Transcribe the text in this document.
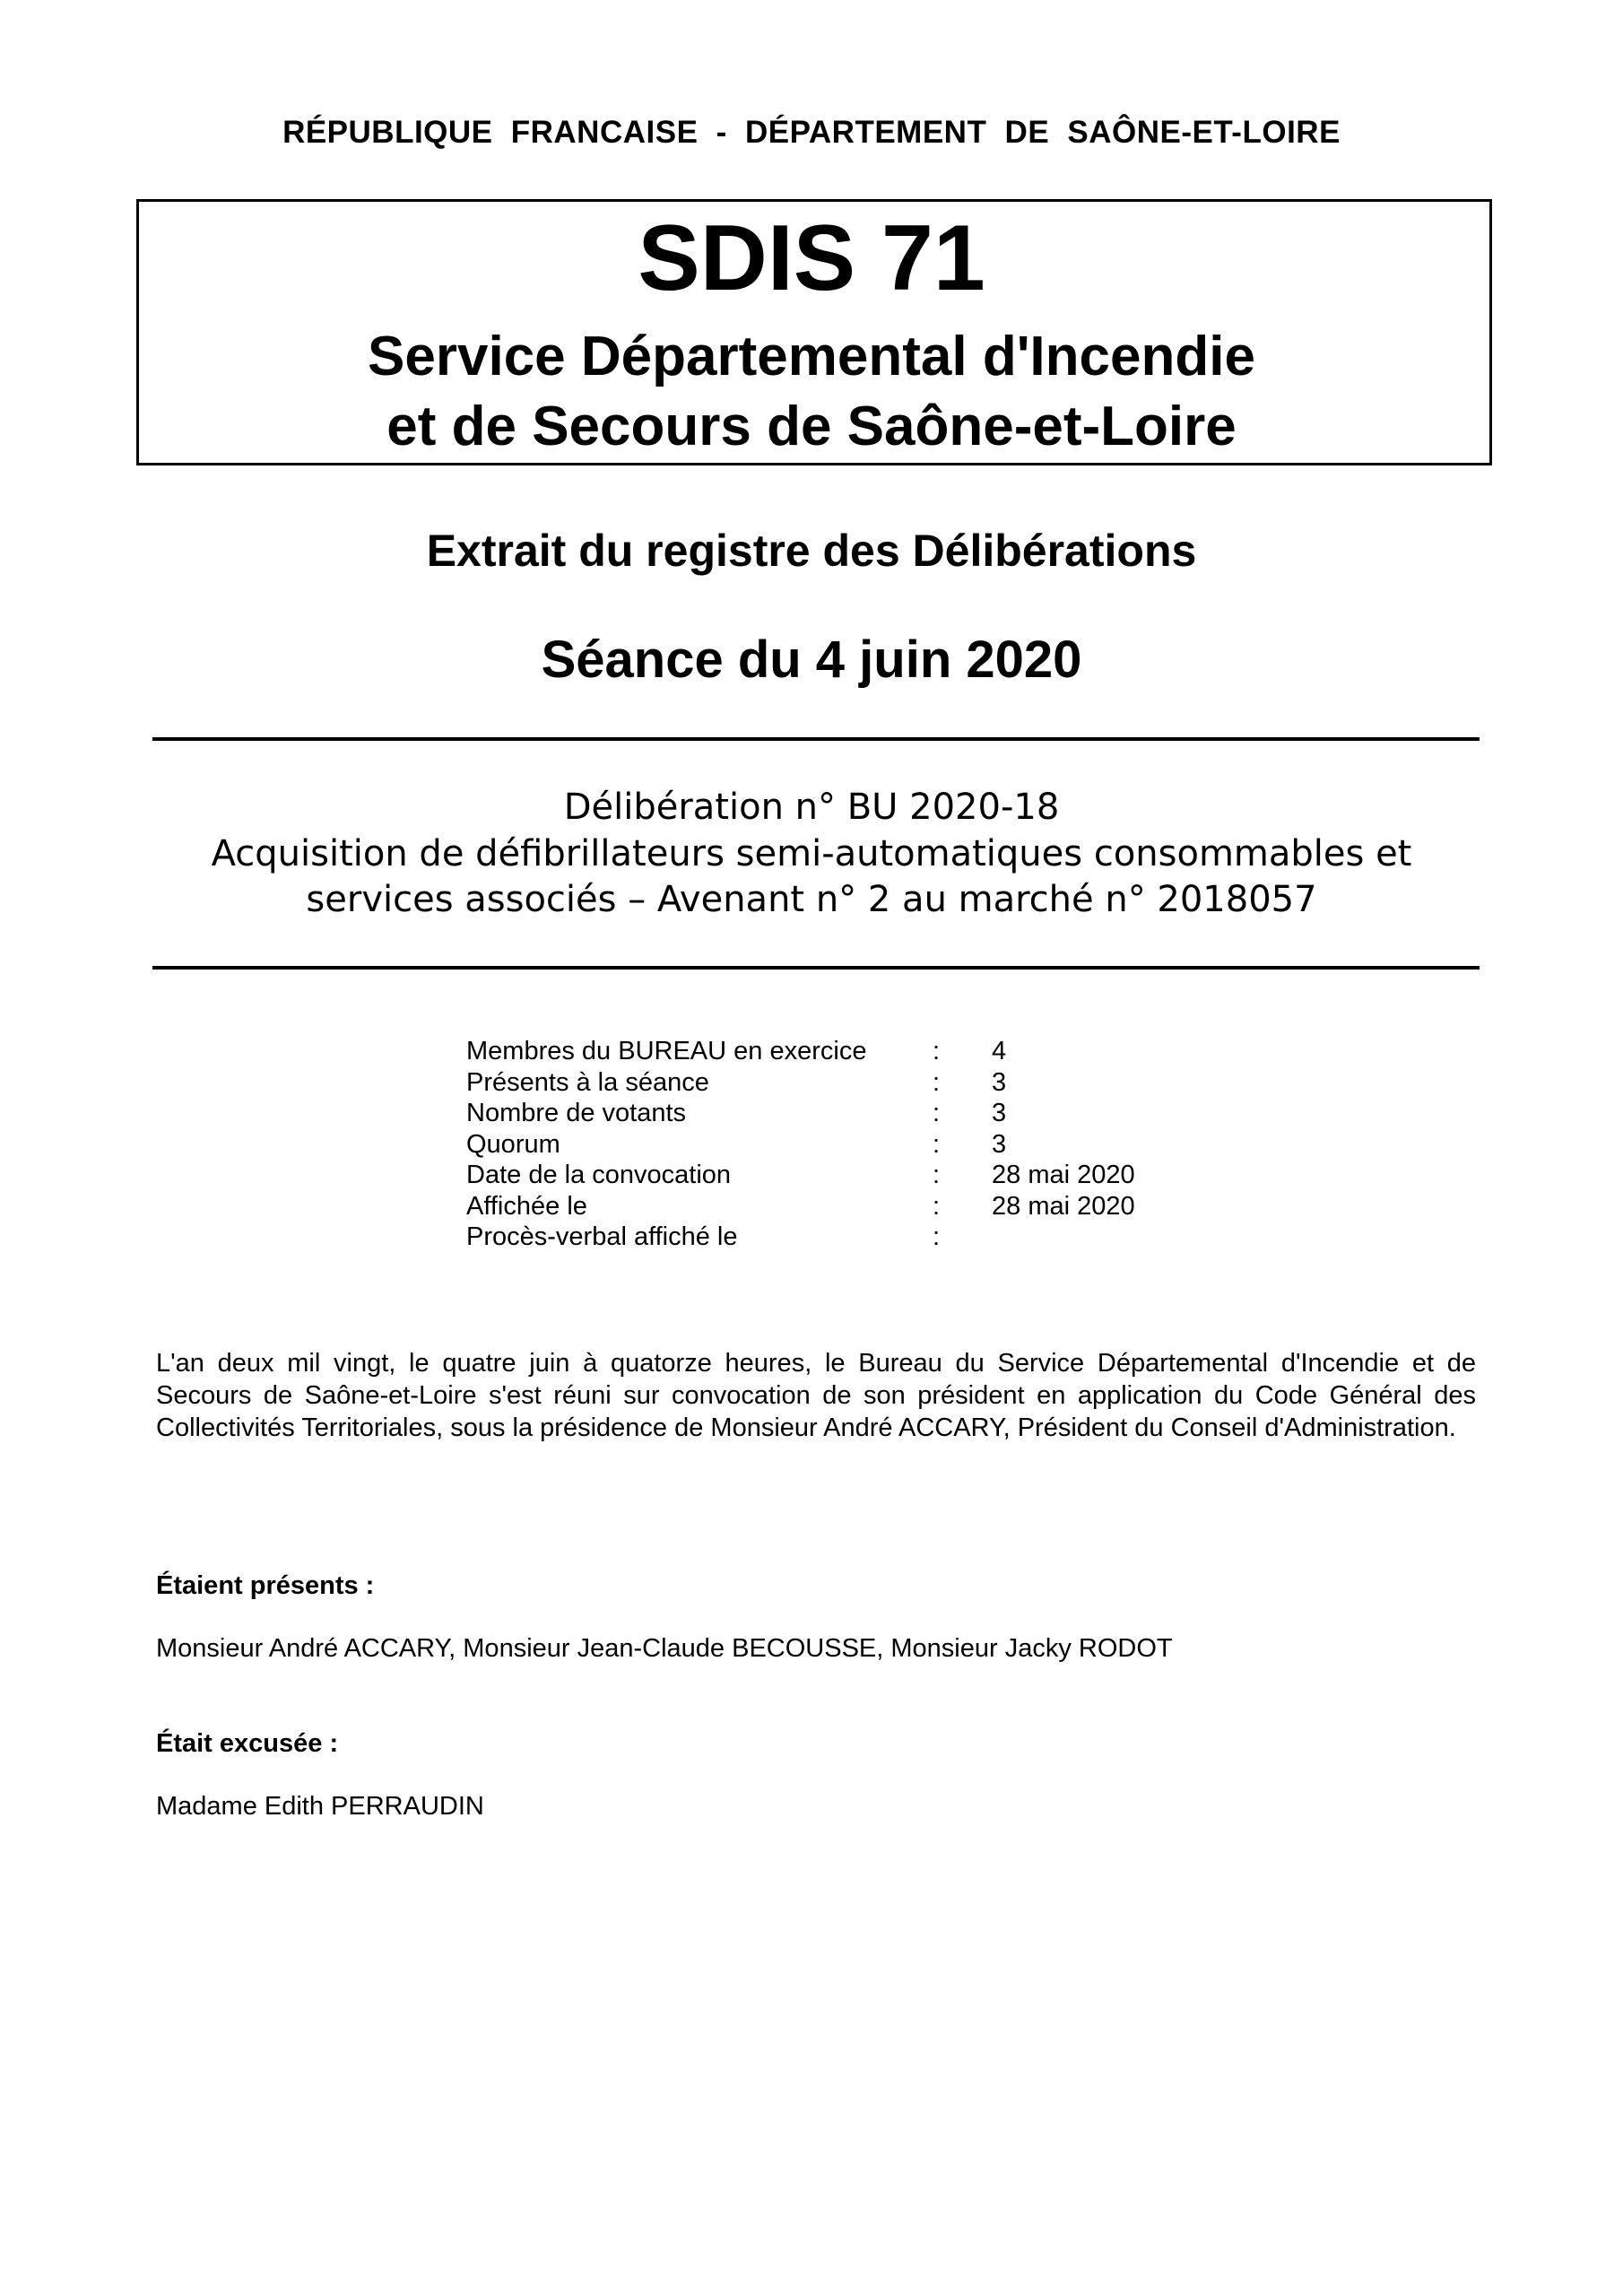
RÉPUBLIQUE FRANCAISE - DÉPARTEMENT DE SAÔNE-ET-LOIRE
SDIS 71
Service Départemental d'Incendie
et de Secours de Saône-et-Loire
Extrait du registre des Délibérations
Séance du 4 juin 2020
Délibération n° BU 2020-18
Acquisition de défibrillateurs semi-automatiques consommables et
services associés – Avenant n° 2 au marché n° 2018057
Membres du BUREAU en exercice	: 4
Présents à la séance	: 3
Nombre de votants	: 3
Quorum	: 3
Date de la convocation	: 28 mai 2020
Affichée le	: 28 mai 2020
Procès-verbal affiché le	:
L'an deux mil vingt, le quatre juin à quatorze heures, le Bureau du Service Départemental d'Incendie et de Secours de Saône-et-Loire s'est réuni sur convocation de son président en application du Code Général des Collectivités Territoriales, sous la présidence de Monsieur André ACCARY, Président du Conseil d'Administration.
Étaient présents :
Monsieur André ACCARY, Monsieur Jean-Claude BECOUSSE, Monsieur Jacky RODOT
Était excusée :
Madame Edith PERRAUDIN
